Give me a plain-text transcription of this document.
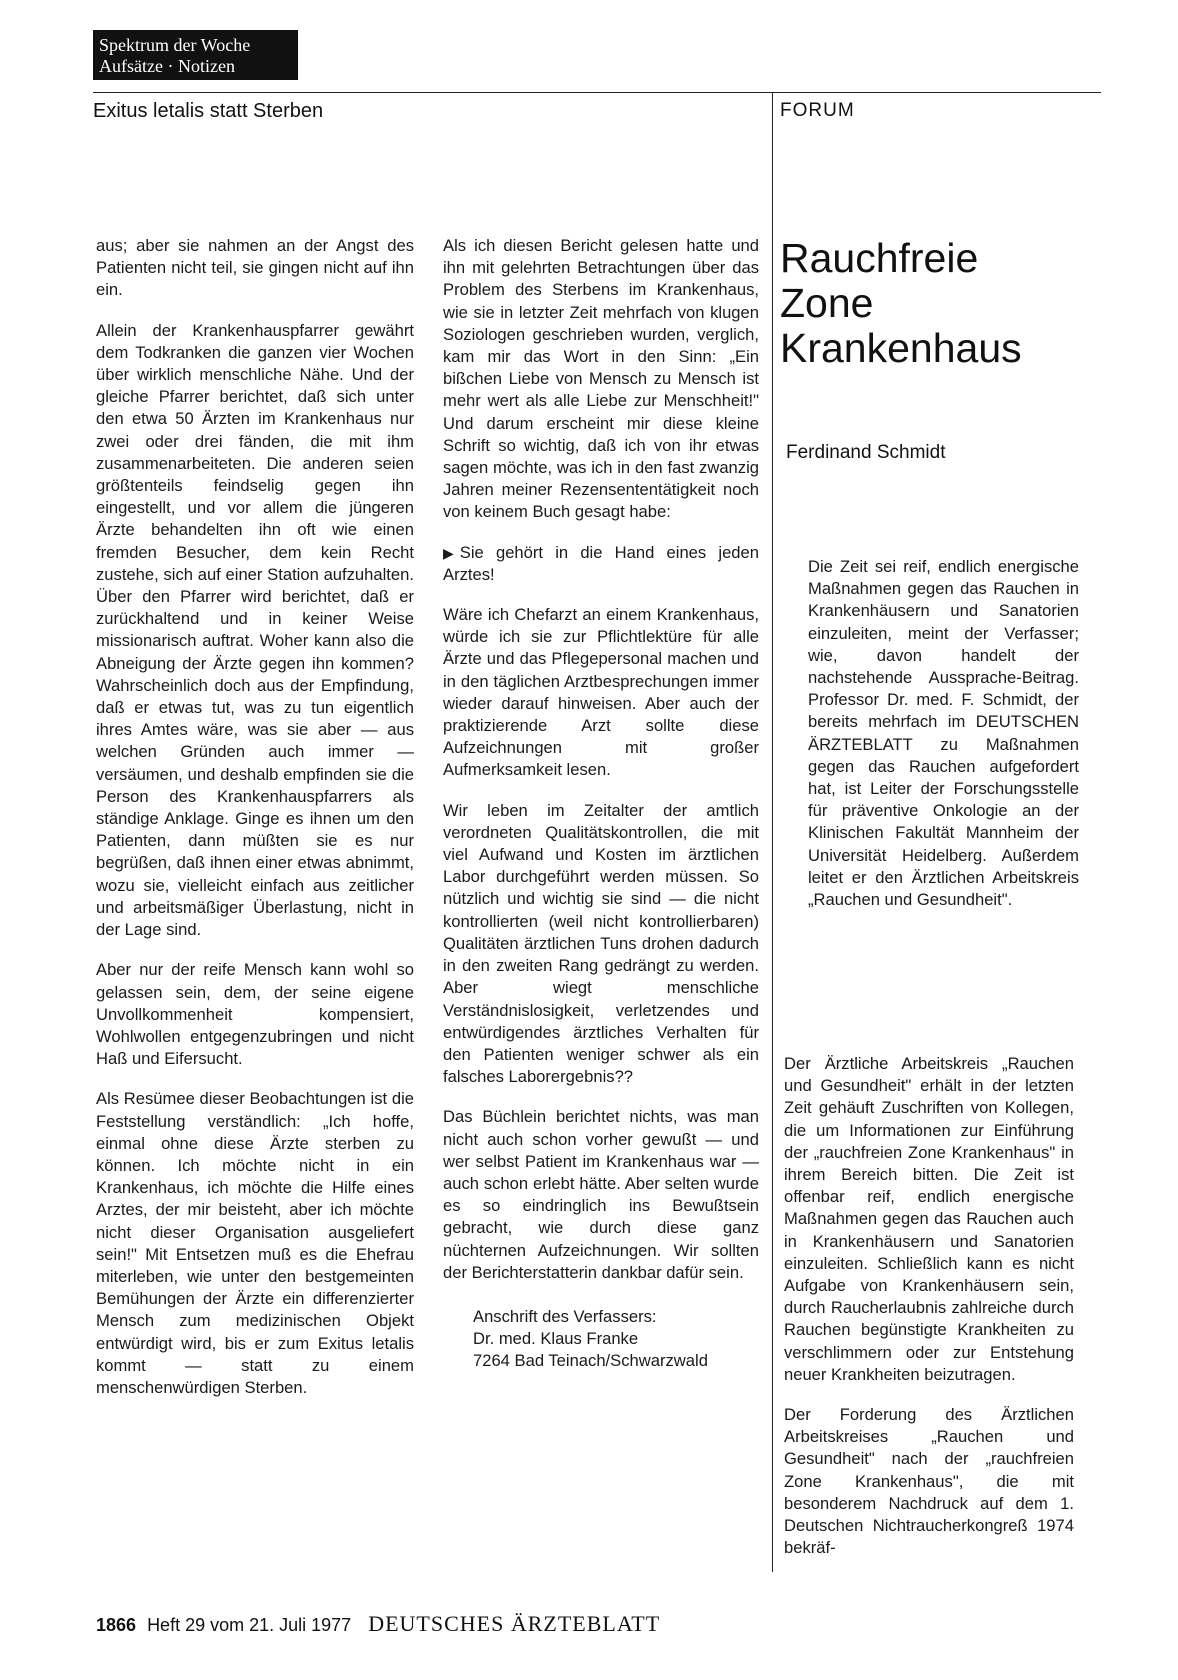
Spektrum der Woche
Aufsätze · Notizen
Exitus letalis statt Sterben	FORUM

aus; aber sie nahmen an der Angst des Patienten nicht teil, sie gingen nicht auf ihn ein.

Allein der Krankenhauspfarrer gewährt dem Todkranken die ganzen vier Wochen über wirklich menschliche Nähe. Und der gleiche Pfarrer berichtet, daß sich unter den etwa 50 Ärzten im Krankenhaus nur zwei oder drei fänden, die mit ihm zusammenarbeiteten. Die anderen seien größtenteils feindselig gegen ihn eingestellt, und vor allem die jüngeren Ärzte behandelten ihn oft wie einen fremden Besucher, dem kein Recht zustehe, sich auf einer Station aufzuhalten. Über den Pfarrer wird berichtet, daß er zurückhaltend und in keiner Weise missionarisch auftrat. Woher kann also die Abneigung der Ärzte gegen ihn kommen? Wahrscheinlich doch aus der Empfindung, daß er etwas tut, was zu tun eigentlich ihres Amtes wäre, was sie aber — aus welchen Gründen auch immer — versäumen, und deshalb empfinden sie die Person des Krankenhauspfarrers als ständige Anklage. Ginge es ihnen um den Patienten, dann müßten sie es nur begrüßen, daß ihnen einer etwas abnimmt, wozu sie, vielleicht einfach aus zeitlicher und arbeitsmäßiger Überlastung, nicht in der Lage sind.

Aber nur der reife Mensch kann wohl so gelassen sein, dem, der seine eigene Unvollkommenheit kompensiert, Wohlwollen entgegenzubringen und nicht Haß und Eifersucht.

Als Resümee dieser Beobachtungen ist die Feststellung verständlich: „Ich hoffe, einmal ohne diese Ärzte sterben zu können. Ich möchte nicht in ein Krankenhaus, ich möchte die Hilfe eines Arztes, der mir beisteht, aber ich möchte nicht dieser Organisation ausgeliefert sein!" Mit Entsetzen muß es die Ehefrau miterleben, wie unter den bestgemeinten Bemühungen der Ärzte ein differenzierter Mensch zum medizinischen Objekt entwürdigt wird, bis er zum Exitus letalis kommt — statt zu einem menschenwürdigen Sterben.

Als ich diesen Bericht gelesen hatte und ihn mit gelehrten Betrachtungen über das Problem des Sterbens im Krankenhaus, wie sie in letzter Zeit mehrfach von klugen Soziologen geschrieben wurden, verglich, kam mir das Wort in den Sinn: „Ein bißchen Liebe von Mensch zu Mensch ist mehr wert als alle Liebe zur Menschheit!" Und darum erscheint mir diese kleine Schrift so wichtig, daß ich von ihr etwas sagen möchte, was ich in den fast zwanzig Jahren meiner Rezensententätigkeit noch von keinem Buch gesagt habe:

▶ Sie gehört in die Hand eines jeden Arztes!

Wäre ich Chefarzt an einem Krankenhaus, würde ich sie zur Pflichtlektüre für alle Ärzte und das Pflegepersonal machen und in den täglichen Arztbesprechungen immer wieder darauf hinweisen. Aber auch der praktizierende Arzt sollte diese Aufzeichnungen mit großer Aufmerksamkeit lesen.

Wir leben im Zeitalter der amtlich verordneten Qualitätskontrollen, die mit viel Aufwand und Kosten im ärztlichen Labor durchgeführt werden müssen. So nützlich und wichtig sie sind — die nicht kontrollierten (weil nicht kontrollierbaren) Qualitäten ärztlichen Tuns drohen dadurch in den zweiten Rang gedrängt zu werden. Aber wiegt menschliche Verständnislosigkeit, verletzendes und entwürdigendes ärztliches Verhalten für den Patienten weniger schwer als ein falsches Laborergebnis??

Das Büchlein berichtet nichts, was man nicht auch schon vorher gewußt — und wer selbst Patient im Krankenhaus war — auch schon erlebt hätte. Aber selten wurde es so eindringlich ins Bewußtsein gebracht, wie durch diese ganz nüchternen Aufzeichnungen. Wir sollten der Berichterstatterin dankbar dafür sein.

Anschrift des Verfassers:
Dr. med. Klaus Franke
7264 Bad Teinach/Schwarzwald
Rauchfreie
Zone
Krankenhaus
Ferdinand Schmidt

Die Zeit sei reif, endlich energische Maßnahmen gegen das Rauchen in Krankenhäusern und Sanatorien einzuleiten, meint der Verfasser; wie, davon handelt der nachstehende Aussprache-Beitrag. Professor Dr. med. F. Schmidt, der bereits mehrfach im DEUTSCHEN ÄRZTEBLATT zu Maßnahmen gegen das Rauchen aufgefordert hat, ist Leiter der Forschungsstelle für präventive Onkologie an der Klinischen Fakultät Mannheim der Universität Heidelberg. Außerdem leitet er den Ärztlichen Arbeitskreis „Rauchen und Gesundheit".

Der Ärztliche Arbeitskreis „Rauchen und Gesundheit" erhält in der letzten Zeit gehäuft Zuschriften von Kollegen, die um Informationen zur Einführung der „rauchfreien Zone Krankenhaus" in ihrem Bereich bitten. Die Zeit ist offenbar reif, endlich energische Maßnahmen gegen das Rauchen auch in Krankenhäusern und Sanatorien einzuleiten. Schließlich kann es nicht Aufgabe von Krankenhäusern sein, durch Raucherlaubnis zahlreiche durch Rauchen begünstigte Krankheiten zu verschlimmern oder zur Entstehung neuer Krankheiten beizutragen.

Der Forderung des Ärztlichen Arbeitskreises „Rauchen und Gesundheit" nach der „rauchfreien Zone Krankenhaus", die mit besonderem Nachdruck auf dem 1. Deutschen Nichtraucherkongreß 1974 bekräf-

1866 Heft 29 vom 21. Juli 1977 DEUTSCHES ÄRZTEBLATT
